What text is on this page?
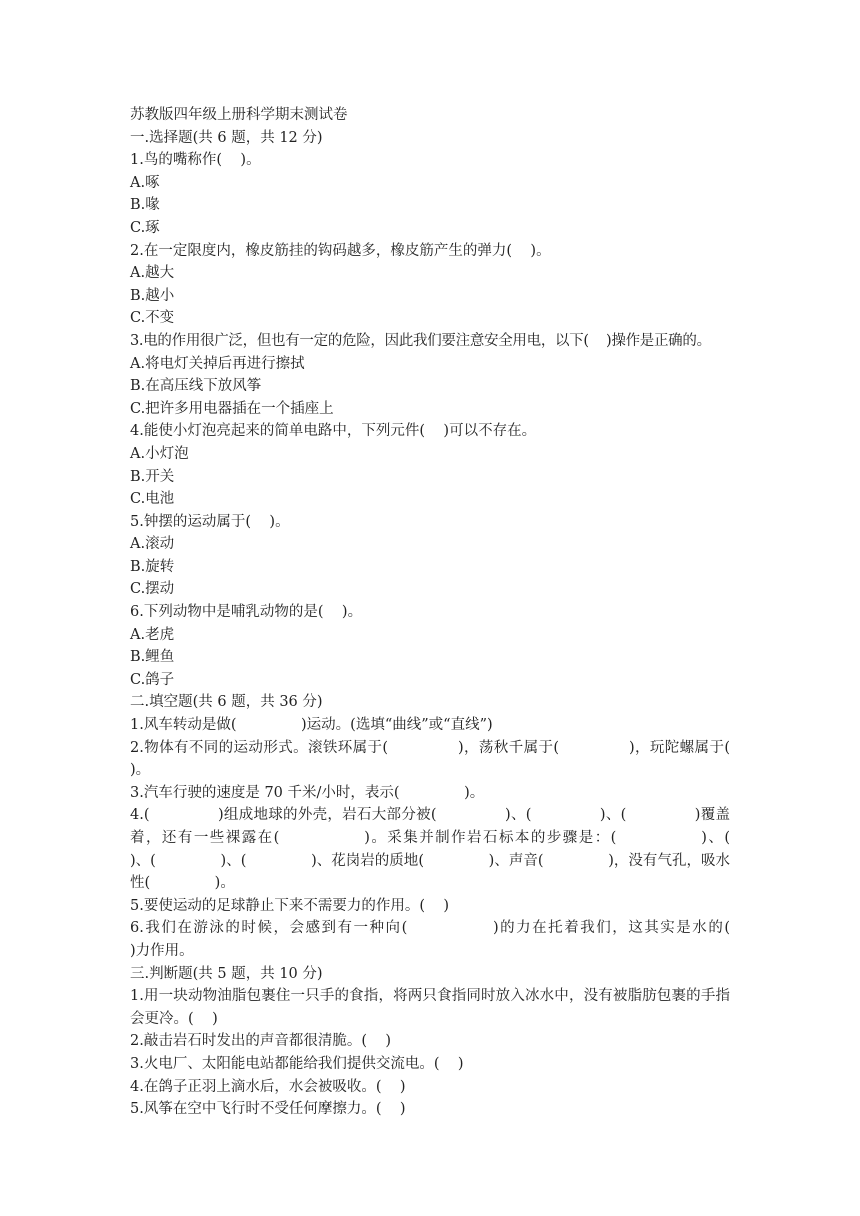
苏教版四年级上册科学期末测试卷
一.选择题(共 6 题，共 12 分)
1.鸟的嘴称作(    )。
A.啄
B.喙
C.琢
2.在一定限度内，橡皮筋挂的钩码越多，橡皮筋产生的弹力(    )。
A.越大
B.越小
C.不变
3.电的作用很广泛，但也有一定的危险，因此我们要注意安全用电，以下(    )操作是正确的。
A.将电灯关掉后再进行擦拭
B.在高压线下放风筝
C.把许多用电器插在一个插座上
4.能使小灯泡亮起来的简单电路中，下列元件(    )可以不存在。
A.小灯泡
B.开关
C.电池
5.钟摆的运动属于(    )。
A.滚动
B.旋转
C.摆动
6.下列动物中是哺乳动物的是(    )。
A.老虎
B.鲤鱼
C.鸽子
二.填空题(共 6 题，共 36 分)
1.风车转动是做(              )运动。(选填“曲线”或“直线”)
2.物体有不同的运动形式。滚铁环属于(              )，荡秋千属于(              )，玩陀螺属于(              )。
3.汽车行驶的速度是 70 千米/小时，表示(              )。
4.(              )组成地球的外壳，岩石大部分被(              )、(              )、(              )覆盖着，还有一些裸露在(              )。采集并制作岩石标本的步骤是：(              )、(              )、(              )、(              )、花岗岩的质地(              )、声音(              )，没有气孔，吸水性(              )。
5.要使运动的足球静止下来不需要力的作用。(    )
6.我们在游泳的时候，会感到有一种向(              )的力在托着我们，这其实是水的(              )力作用。
三.判断题(共 5 题，共 10 分)
1.用一块动物油脂包裹住一只手的食指，将两只食指同时放入冰水中，没有被脂肪包裹的手指会更冷。(    )
2.敲击岩石时发出的声音都很清脆。(    )
3.火电厂、太阳能电站都能给我们提供交流电。(    )
4.在鸽子正羽上滴水后，水会被吸收。(    )
5.风筝在空中飞行时不受任何摩擦力。(    )
